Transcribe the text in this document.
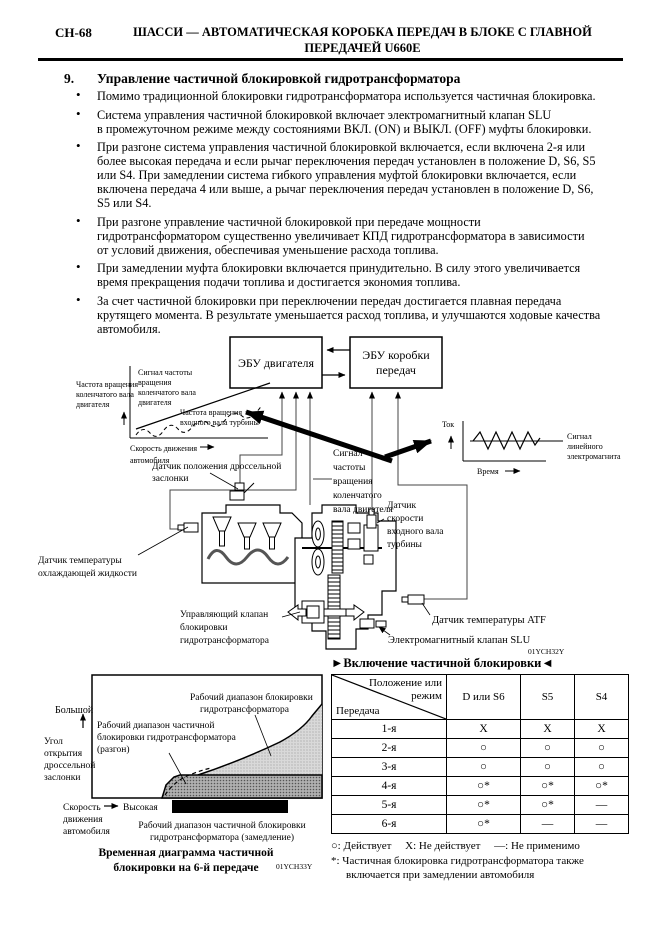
CH-68	ШАССИ — АВТОМАТИЧЕСКАЯ КОРОБКА ПЕРЕДАЧ В БЛОКЕ С ГЛАВНОЙ
ПЕРЕДАЧЕЙ U660E
9. Управление частичной блокировкой гидротрансформатора
• Помимо традиционной блокировки гидротрансформатора используется частичная блокировка.
• Система управления частичной блокировкой включает электромагнитный клапан SLU
в промежуточном режиме между состояниями ВКЛ. (ON) и ВЫКЛ. (OFF) муфты блокировки.
• При разгоне система управления частичной блокировкой включается, если включена 2-я или
более высокая передача и если рычаг переключения передач установлен в положение D, S6, S5
или S4. При замедлении система гибкого управления муфтой блокировки включается, если
включена передача 4 или выше, а рычаг переключения передач установлен в положение D, S6,
S5 или S4.
• При разгоне управление частичной блокировкой при передаче мощности
гидротрансформатором существенно увеличивает КПД гидротрансформатора в зависимости
от условий движения, обеспечивая уменьшение расхода топлива.
• При замедлении муфта блокировки включается принудительно. В силу этого увеличивается
время прекращения подачи топлива и достигается экономия топлива.
• За счет частичной блокировки при переключении передач достигается плавная передача
крутящего момента. В результате уменьшается расход топлива, и улучшаются ходовые качества
автомобиля.
ЭБУ двигателя
ЭБУ коробки
передач
Частота вращения
коленчатого вала
двигателя
Сигнал частоты
вращения
коленчатого вала
двигателя
Частота вращения
входного вала турбины
Скорость движения
автомобиля
Ток
Время
Сигнал
линейного
электромагнита
Датчик положения дроссельной
заслонки
Сигнал
частоты
вращения
коленчатого
вала двигателя
Датчик температуры
охлаждающей жидкости
Датчик
скорости
входного вала
турбины
Датчик температуры ATF
Электромагнитный клапан SLU
Управляющий клапан
блокировки
гидротрансформатора
01YCH32Y
Большой
Угол
открытия
дроссельной
заслонки
Рабочий диапазон блокировки
гидротрансформатора
Рабочий диапазон частичной
блокировки гидротрансформатора
(разгон)
Скорость
движения
автомобиля
Высокая
Рабочий диапазон частичной блокировки
гидротрансформатора (замедление)
Временная диаграмма частичной
блокировки на 6-й передаче 01YCH33Y
►Включение частичной блокировки◄
Положение или
режим
Передача	D или S6	S5	S4
1-я	X	X	X
2-я	○	○	○
3-я	○	○	○
4-я	○*	○*	○*
5-я	○*	○*	—
6-я	○*	—	—
○: Действует     X: Не действует     —: Не применимо
*: Частичная блокировка гидротрансформатора также
включается при замедлении автомобиля
